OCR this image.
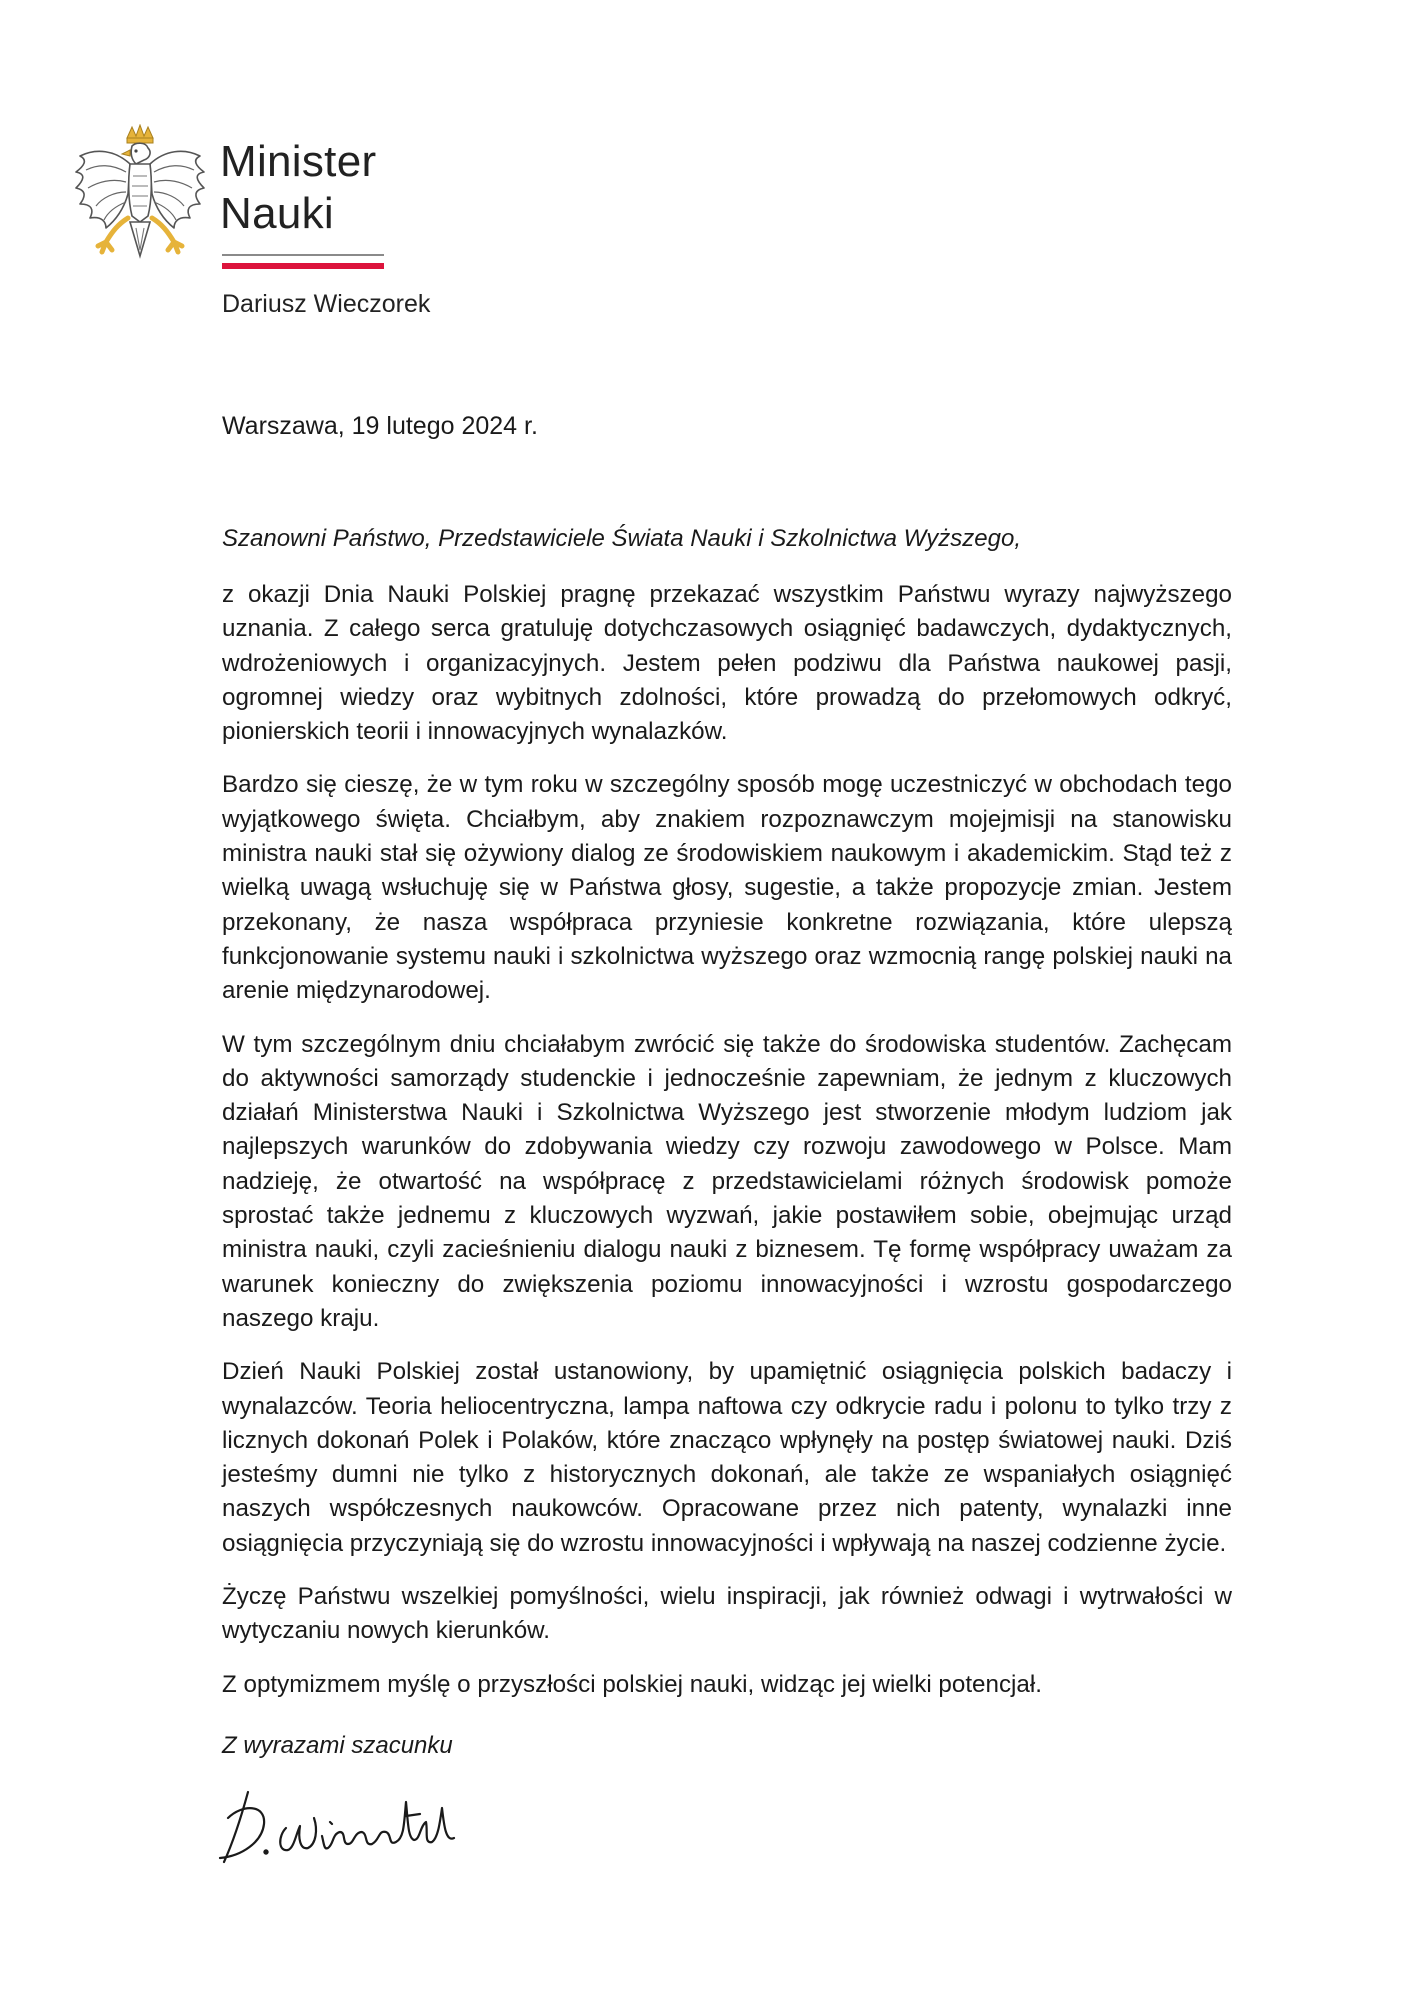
Minister
Nauki
Dariusz Wieczorek
Warszawa, 19 lutego 2024 r.
Szanowni Państwo, Przedstawiciele Świata Nauki i Szkolnictwa Wyższego,

z okazji Dnia Nauki Polskiej pragnę przekazać wszystkim Państwu wyrazy najwyższego uznania. Z całego serca gratuluję dotychczasowych osiągnięć badawczych, dydaktycznych, wdrożeniowych i organizacyjnych. Jestem pełen podziwu dla Państwa naukowej pasji, ogromnej wiedzy oraz wybitnych zdolności, które prowadzą do przełomowych odkryć, pionierskich teorii i innowacyjnych wynalazków.

Bardzo się cieszę, że w tym roku w szczególny sposób mogę uczestniczyć w obchodach tego wyjątkowego święta. Chciałbym, aby znakiem rozpoznawczym mojejmisji na stanowisku ministra nauki stał się ożywiony dialog ze środowiskiem naukowym i akademickim. Stąd też z wielką uwagą wsłuchuję się w Państwa głosy, sugestie, a także propozycje zmian. Jestem przekonany, że nasza współpraca przyniesie konkretne rozwiązania, które ulepszą funkcjonowanie systemu nauki i szkolnictwa wyższego oraz wzmocnią rangę polskiej nauki na arenie międzynarodowej.

W tym szczególnym dniu chciałabym zwrócić się także do środowiska studentów. Zachęcam do aktywności samorządy studenckie i jednocześnie zapewniam, że jednym z kluczowych działań Ministerstwa Nauki i Szkolnictwa Wyższego jest stworzenie młodym ludziom jak najlepszych warunków do zdobywania wiedzy czy rozwoju zawodowego w Polsce. Mam nadzieję, że otwartość na współpracę z przedstawicielami różnych środowisk pomoże sprostać także jednemu z kluczowych wyzwań, jakie postawiłem sobie, obejmując urząd ministra nauki, czyli zacieśnieniu dialogu nauki z biznesem. Tę formę współpracy uważam za warunek konieczny do zwiększenia poziomu innowacyjności i wzrostu gospodarczego naszego kraju.

Dzień Nauki Polskiej został ustanowiony, by upamiętnić osiągnięcia polskich badaczy i wynalazców. Teoria heliocentryczna, lampa naftowa czy odkrycie radu i polonu to tylko trzy z licznych dokonań Polek i Polaków, które znacząco wpłynęły na postęp światowej nauki. Dziś jesteśmy dumni nie tylko z historycznych dokonań, ale także ze wspaniałych osiągnięć naszych współczesnych naukowców. Opracowane przez nich patenty, wynalazki inne osiągnięcia przyczyniają się do wzrostu innowacyjności i wpływają na naszej codzienne życie.

Życzę Państwu wszelkiej pomyślności, wielu inspiracji, jak również odwagi i wytrwałości w wytyczaniu nowych kierunków.

Z optymizmem myślę o przyszłości polskiej nauki, widząc jej wielki potencjał.

Z wyrazami szacunku
